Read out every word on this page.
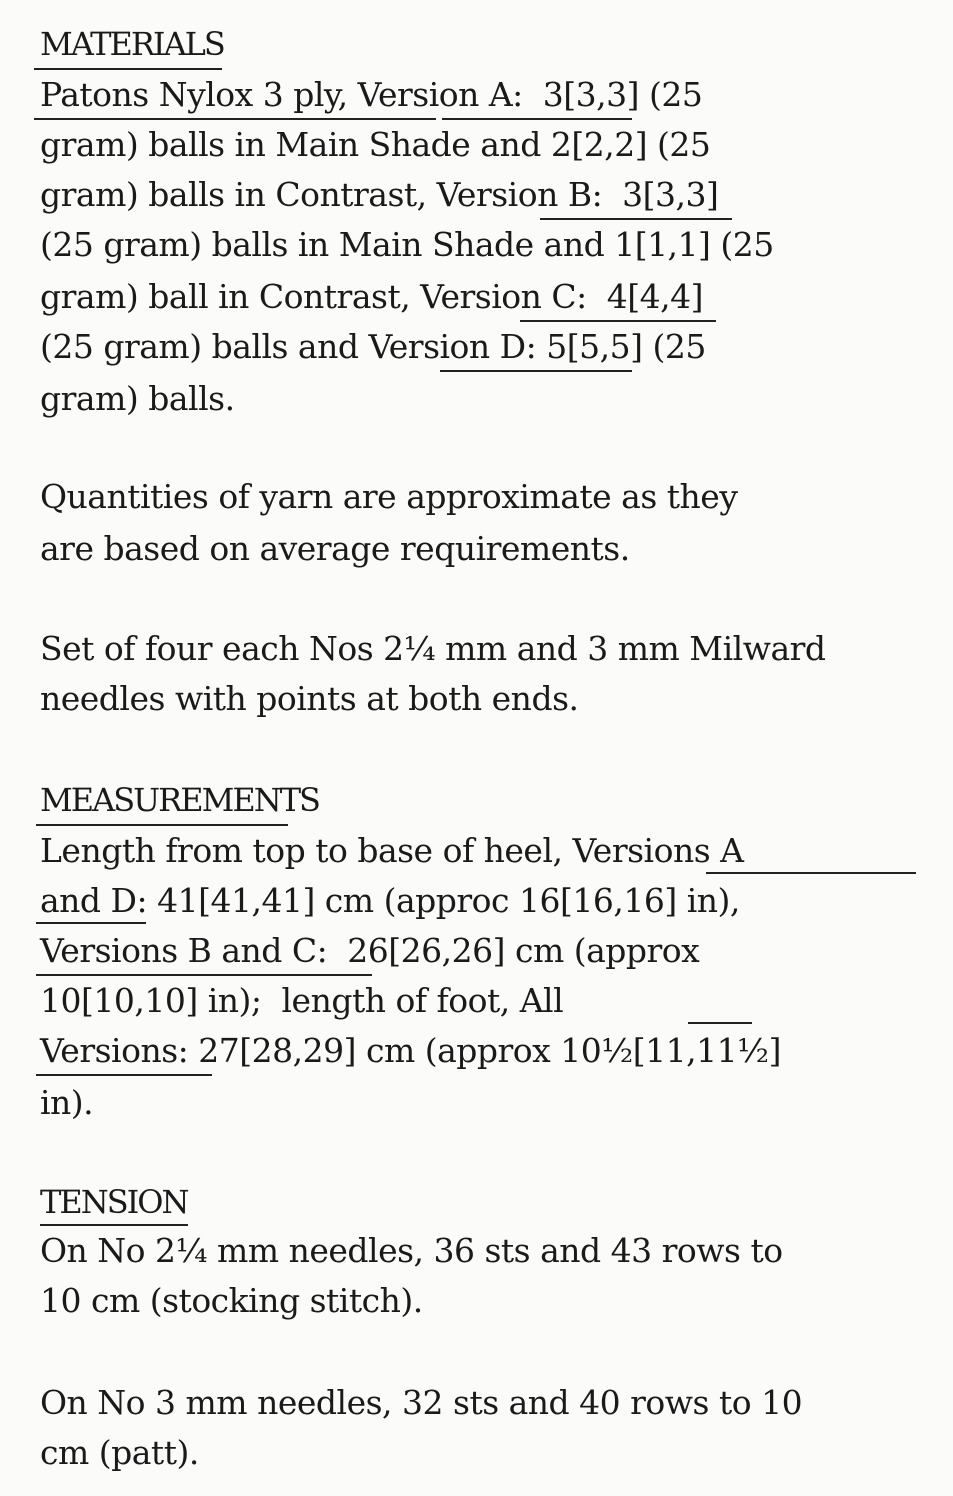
MATERIALS
Patons Nylox 3 ply, Version A:  3[3,3] (25
gram) balls in Main Shade and 2[2,2] (25
gram) balls in Contrast, Version B:  3[3,3]
(25 gram) balls in Main Shade and 1[1,1] (25
gram) ball in Contrast, Version C:  4[4,4]
(25 gram) balls and Version D: 5[5,5] (25
gram) balls.
Quantities of yarn are approximate as they
are based on average requirements.
Set of four each Nos 2¼ mm and 3 mm Milward
needles with points at both ends.
MEASUREMENTS
Length from top to base of heel, Versions A
and D: 41[41,41] cm (approc 16[16,16] in),
Versions B and C:  26[26,26] cm (approx
10[10,10] in);  length of foot, All
Versions: 27[28,29] cm (approx 10½[11,11½]
in).
TENSION
On No 2¼ mm needles, 36 sts and 43 rows to
10 cm (stocking stitch).
On No 3 mm needles, 32 sts and 40 rows to 10
cm (patt).
